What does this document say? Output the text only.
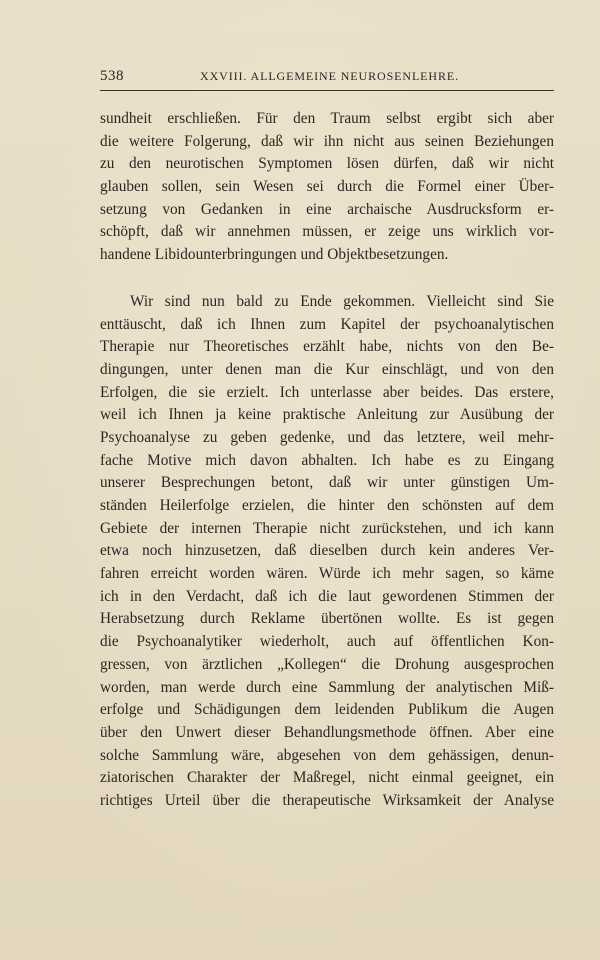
538	XXVIII. ALLGEMEINE NEUROSENLEHRE.
sundheit erschließen. Für den Traum selbst ergibt sich aber
die weitere Folgerung, daß wir ihn nicht aus seinen Beziehungen
zu den neurotischen Symptomen lösen dürfen, daß wir nicht
glauben sollen, sein Wesen sei durch die Formel einer Über-
setzung von Gedanken in eine archaische Ausdrucksform er-
schöpft, daß wir annehmen müssen, er zeige uns wirklich vor-
handene Libidounterbringungen und Objektbesetzungen.
Wir sind nun bald zu Ende gekommen. Vielleicht sind Sie
enttäuscht, daß ich Ihnen zum Kapitel der psychoanalytischen
Therapie nur Theoretisches erzählt habe, nichts von den Be-
dingungen, unter denen man die Kur einschlägt, und von den
Erfolgen, die sie erzielt. Ich unterlasse aber beides. Das erstere,
weil ich Ihnen ja keine praktische Anleitung zur Ausübung der
Psychoanalyse zu geben gedenke, und das letztere, weil mehr-
fache Motive mich davon abhalten. Ich habe es zu Eingang
unserer Besprechungen betont, daß wir unter günstigen Um-
ständen Heilerfolge erzielen, die hinter den schönsten auf dem
Gebiete der internen Therapie nicht zurückstehen, und ich kann
etwa noch hinzusetzen, daß dieselben durch kein anderes Ver-
fahren erreicht worden wären. Würde ich mehr sagen, so käme
ich in den Verdacht, daß ich die laut gewordenen Stimmen der
Herabsetzung durch Reklame übertönen wollte. Es ist gegen
die Psychoanalytiker wiederholt, auch auf öffentlichen Kon-
gressen, von ärztlichen „Kollegen“ die Drohung ausgesprochen
worden, man werde durch eine Sammlung der analytischen Miß-
erfolge und Schädigungen dem leidenden Publikum die Augen
über den Unwert dieser Behandlungsmethode öffnen. Aber eine
solche Sammlung wäre, abgesehen von dem gehässigen, denun-
ziatorischen Charakter der Maßregel, nicht einmal geeignet, ein
richtiges Urteil über die therapeutische Wirksamkeit der Analyse
